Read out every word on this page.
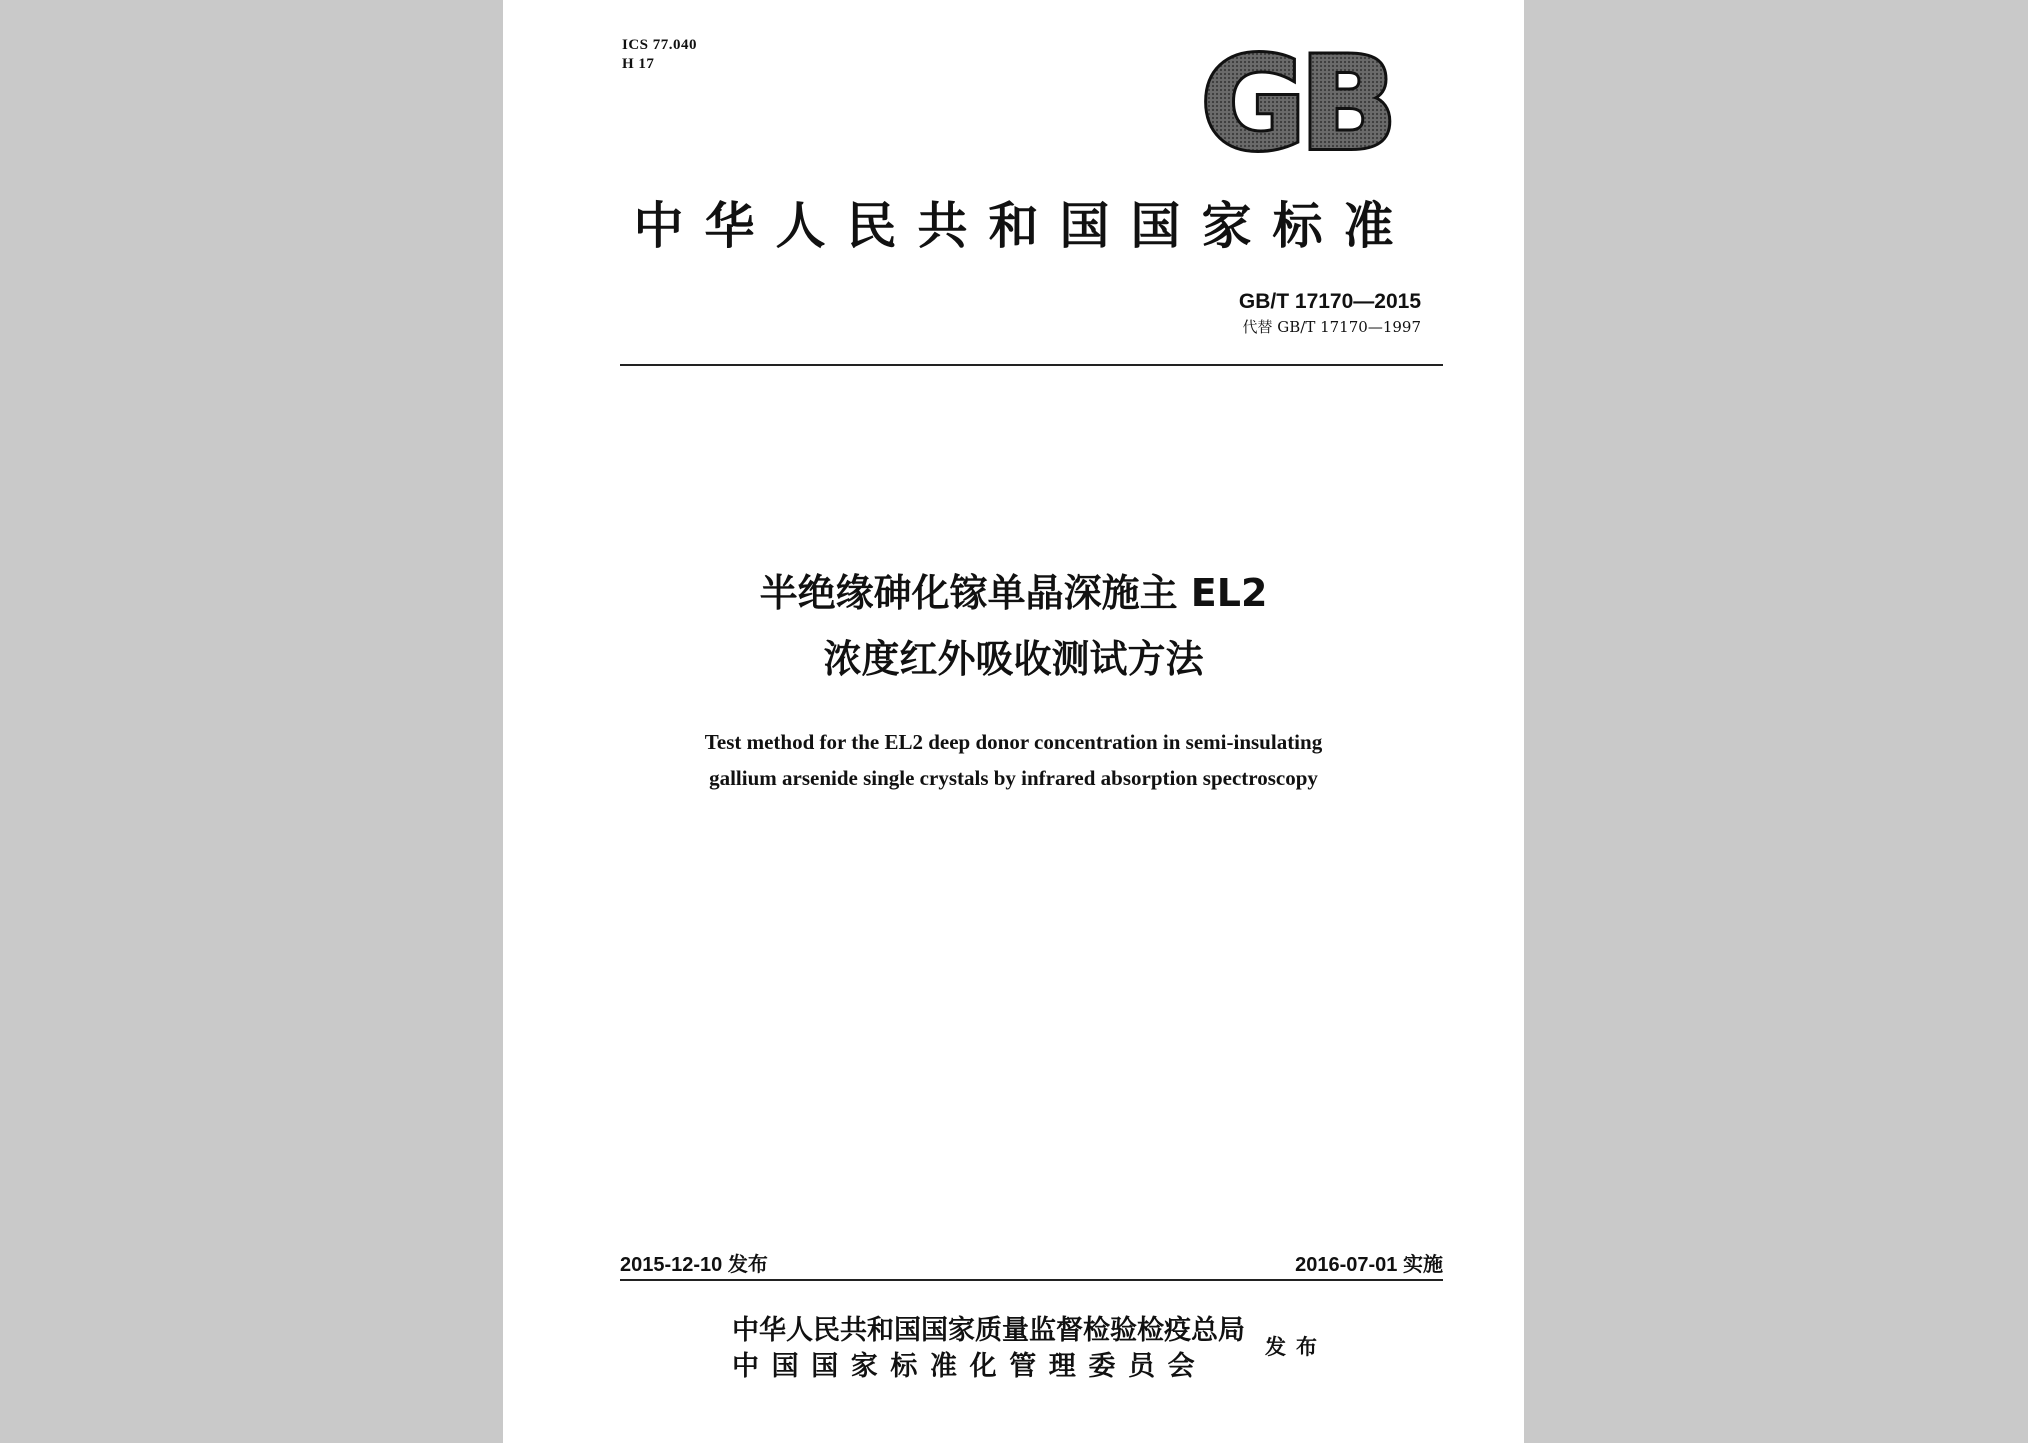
ICS 77.040
H 17	GB
中华人民共和国国家标准
GB/T 17170—2015
代替 GB/T 17170—1997
半绝缘砷化镓单晶深施主 EL2
浓度红外吸收测试方法
Test method for the EL2 deep donor concentration in semi-insulating
gallium arsenide single crystals by infrared absorption spectroscopy
2015-12-10 发布	2016-07-01 实施
中华人民共和国国家质量监督检验检疫总局
中国国家标准化管理委员会
发布
